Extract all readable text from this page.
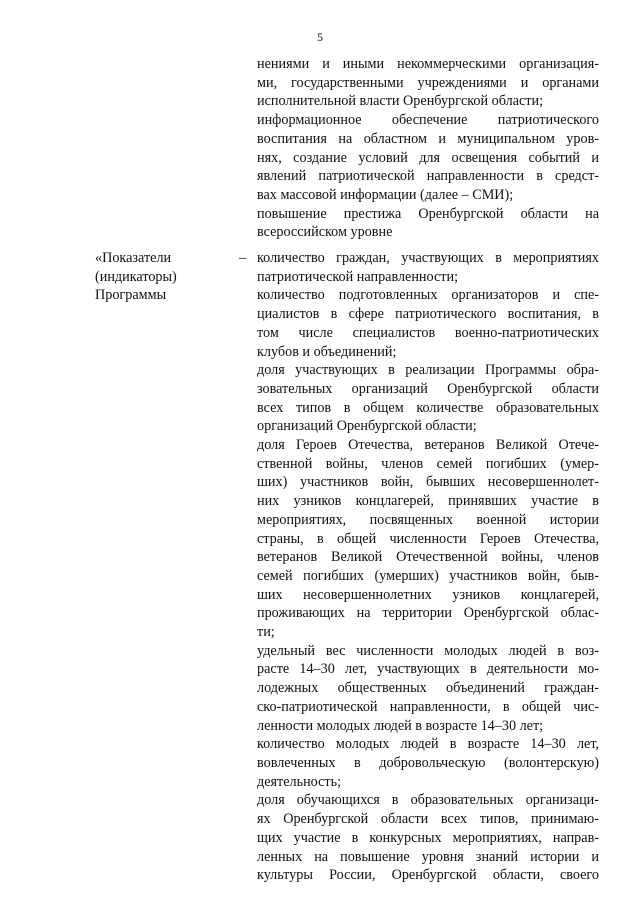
5
нениями и иными некоммерческими организация-
ми, государственными учреждениями и органами
исполнительной власти Оренбургской области;
информационное обеспечение патриотического
воспитания на областном и муниципальном уров-
нях, создание условий для освещения событий и
явлений патриотической направленности в средст-
вах массовой информации (далее – СМИ);
повышение престижа Оренбургской области на
всероссийском уровне
«Показатели
(индикаторы)
Программы
– количество граждан, участвующих в мероприятиях
патриотической направленности;
количество подготовленных организаторов и спе-
циалистов в сфере патриотического воспитания, в
том числе специалистов военно-патриотических
клубов и объединений;
доля участвующих в реализации Программы обра-
зовательных организаций Оренбургской области
всех типов в общем количестве образовательных
организаций Оренбургской области;
доля Героев Отечества, ветеранов Великой Отече-
ственной войны, членов семей погибших (умер-
ших) участников войн, бывших несовершеннолет-
них узников концлагерей, принявших участие в
мероприятиях, посвященных военной истории
страны, в общей численности Героев Отечества,
ветеранов Великой Отечественной войны, членов
семей погибших (умерших) участников войн, быв-
ших несовершеннолетних узников концлагерей,
проживающих на территории Оренбургской облас-
ти;
удельный вес численности молодых людей в воз-
расте 14–30 лет, участвующих в деятельности мо-
лодежных общественных объединений граждан-
ско-патриотической направленности, в общей чис-
ленности молодых людей в возрасте 14–30 лет;
количество молодых людей в возрасте 14–30 лет,
вовлеченных в добровольческую (волонтерскую)
деятельность;
доля обучающихся в образовательных организаци-
ях Оренбургской области всех типов, принимаю-
щих участие в конкурсных мероприятиях, направ-
ленных на повышение уровня знаний истории и
культуры России, Оренбургской области, своего
